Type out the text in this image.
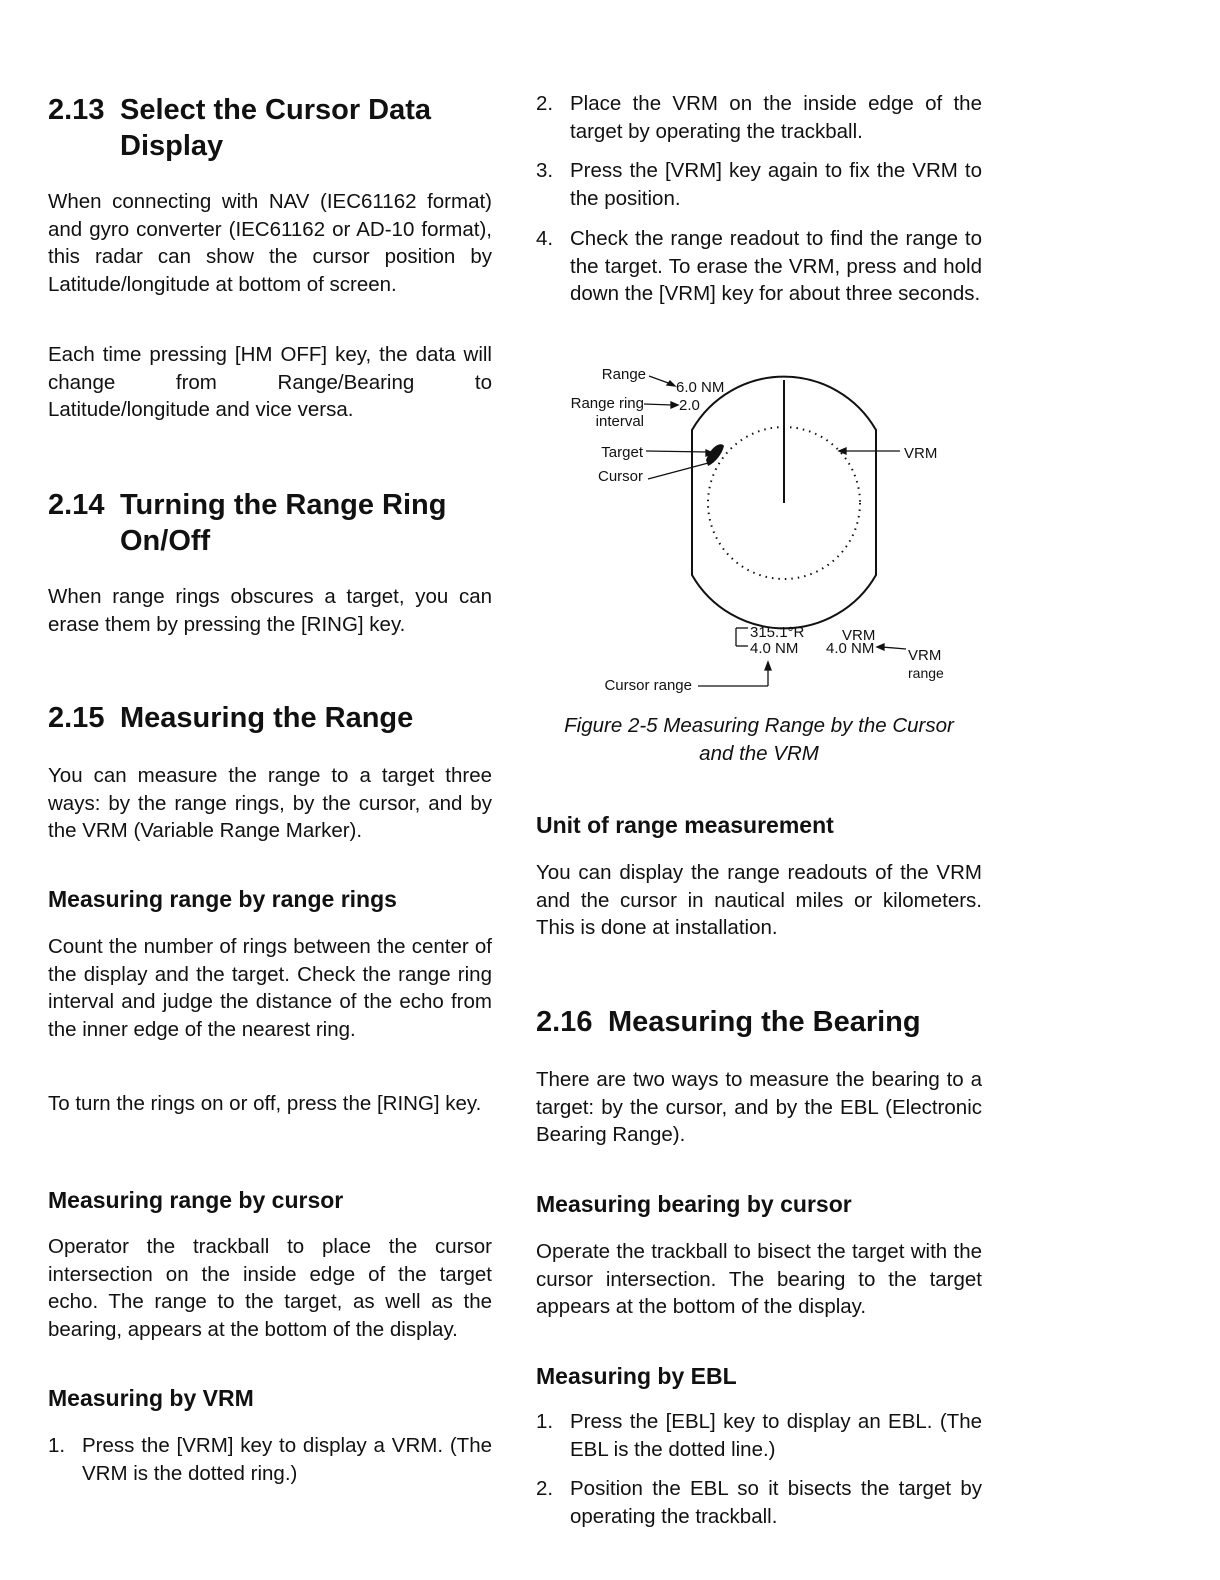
2.13 Select the Cursor Data
Display

When connecting with NAV (IEC61162 format) and gyro converter (IEC61162 or AD-10 format), this radar can show the cursor position by Latitude/longitude at bottom of screen.

Each time pressing [HM OFF] key, the data will change from Range/Bearing to Latitude/longitude and vice versa.

2.14 Turning the Range Ring
On/Off

When range rings obscures a target, you can erase them by pressing the [RING] key.

2.15 Measuring the Range

You can measure the range to a target three ways: by the range rings, by the cursor, and by the VRM (Variable Range Marker).

Measuring range by range rings

Count the number of rings between the center of the display and the target. Check the range ring interval and judge the distance of the echo from the inner edge of the nearest ring.

To turn the rings on or off, press the [RING] key.

Measuring range by cursor

Operator the trackball to place the cursor intersection on the inside edge of the target echo. The range to the target, as well as the bearing, appears at the bottom of the display.

Measuring by VRM
1. Press the [VRM] key to display a VRM. (The VRM is the dotted ring.)
2. Place the VRM on the inside edge of the target by operating the trackball.
3. Press the [VRM] key again to fix the VRM to the position.
4. Check the range readout to find the range to the target. To erase the VRM, press and hold down the [VRM] key for about three seconds.
Range
6.0 NM
Range ring
interval
2.0
Target
Cursor
VRM
315.1°R
4.0 NM
VRM
4.0 NM VRM
range
Cursor range
Figure 2-5 Measuring Range by the Cursor
and the VRM
Unit of range measurement

You can display the range readouts of the VRM and the cursor in nautical miles or kilometers. This is done at installation.

2.16 Measuring the Bearing

There are two ways to measure the bearing to a target: by the cursor, and by the EBL (Electronic Bearing Range).

Measuring bearing by cursor

Operate the trackball to bisect the target with the cursor intersection. The bearing to the target appears at the bottom of the display.

Measuring by EBL
1. Press the [EBL] key to display an EBL. (The EBL is the dotted line.)
2. Position the EBL so it bisects the target by operating the trackball.
